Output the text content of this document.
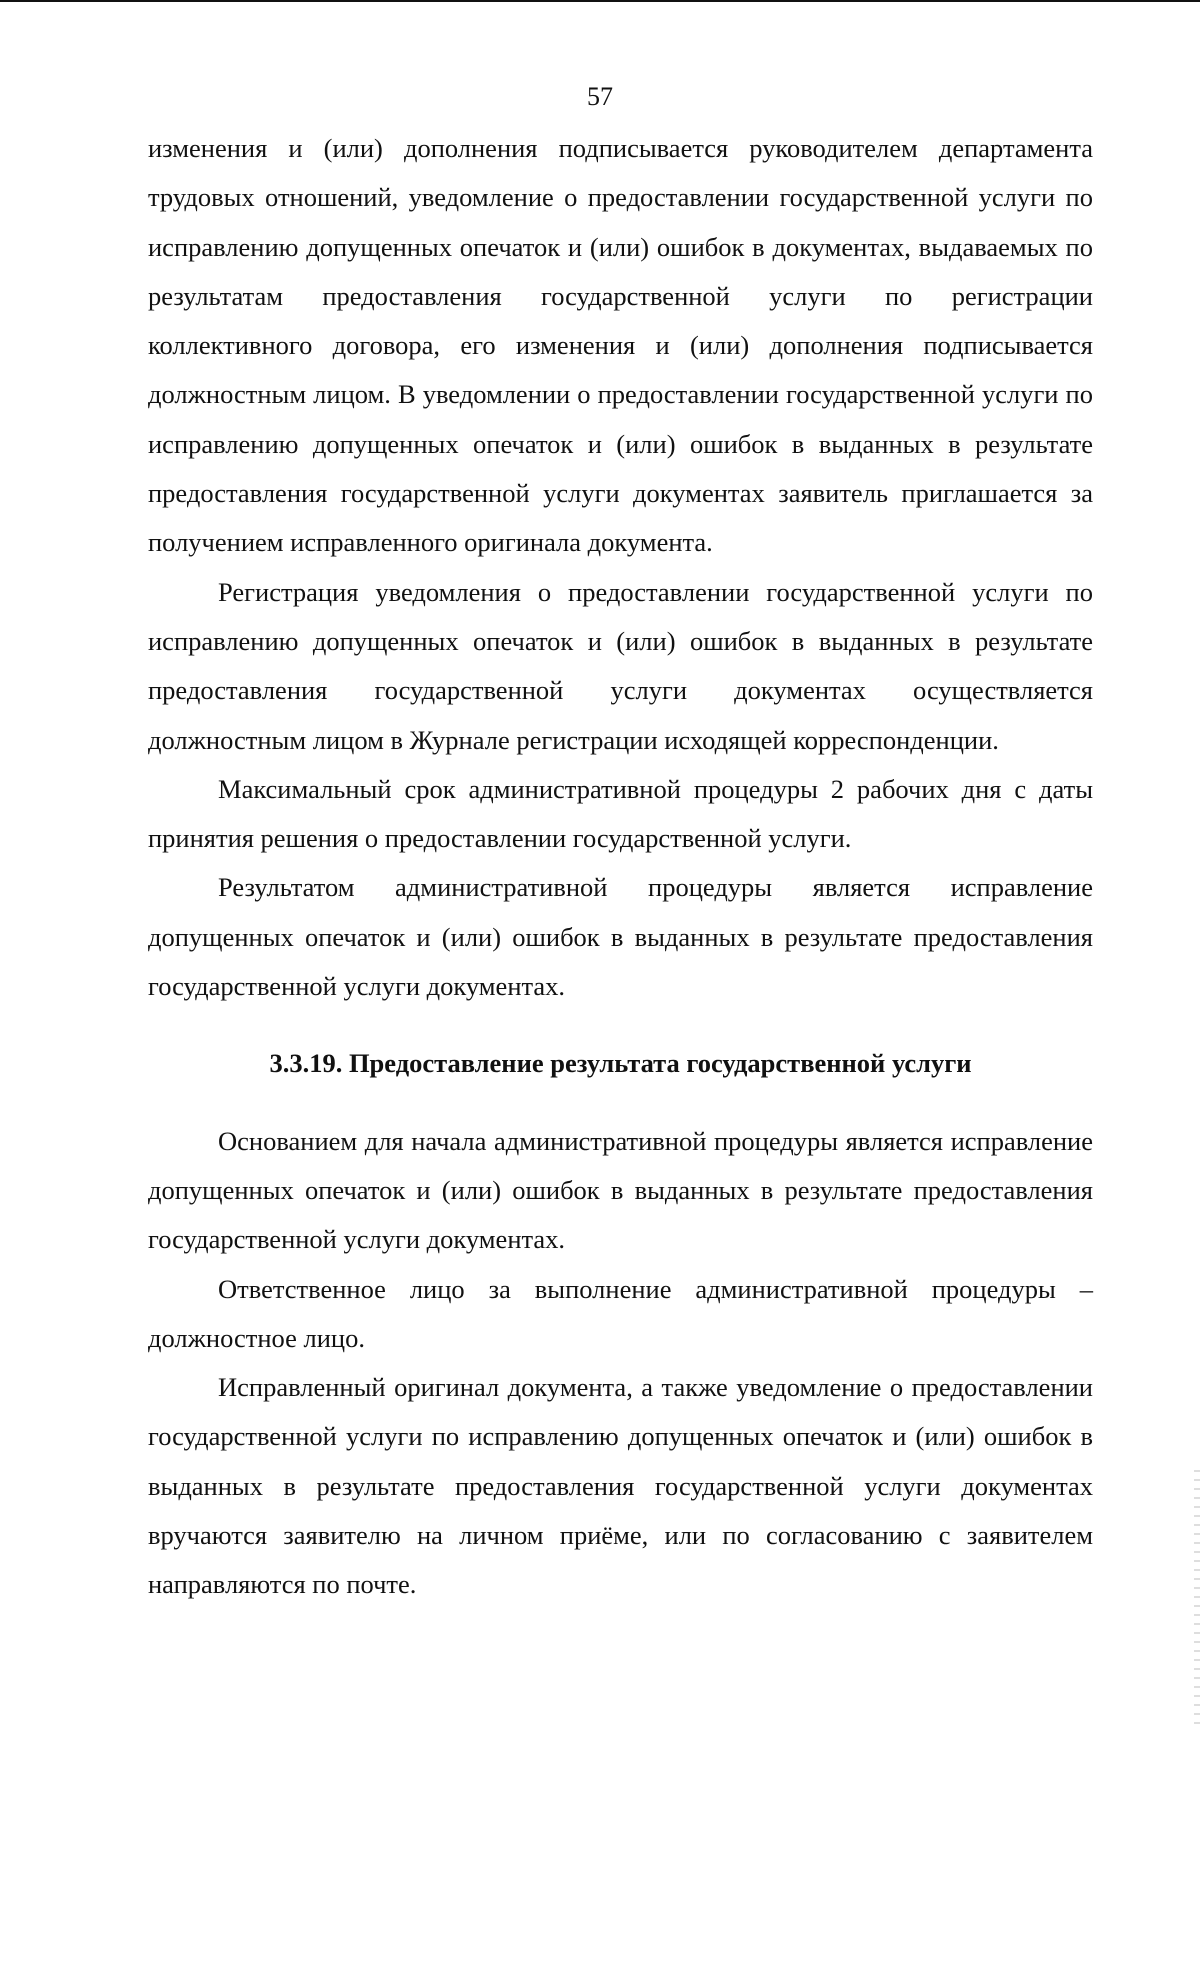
57

изменения и (или) дополнения подписывается руководителем департамента трудовых отношений, уведомление о предоставлении государственной услуги по исправлению допущенных опечаток и (или) ошибок в документах, выдаваемых по результатам предоставления государственной услуги по регистрации коллективного договора, его изменения и (или) дополнения подписывается должностным лицом. В уведомлении о предоставлении государственной услуги по исправлению допущенных опечаток и (или) ошибок в выданных в результате предоставления государственной услуги документах заявитель приглашается за получением исправленного оригинала документа.

Регистрация уведомления о предоставлении государственной услуги по исправлению допущенных опечаток и (или) ошибок в выданных в результате предоставления государственной услуги документах осуществляется должностным лицом в Журнале регистрации исходящей корреспонденции.

Максимальный срок административной процедуры 2 рабочих дня с даты принятия решения о предоставлении государственной услуги.

Результатом административной процедуры является исправление допущенных опечаток и (или) ошибок в выданных в результате предоставления государственной услуги документах.

3.3.19. Предоставление результата государственной услуги

Основанием для начала административной процедуры является исправление допущенных опечаток и (или) ошибок в выданных в результате предоставления государственной услуги документах.

Ответственное лицо за выполнение административной процедуры – должностное лицо.

Исправленный оригинал документа, а также уведомление о предоставлении государственной услуги по исправлению допущенных опечаток и (или) ошибок в выданных в результате предоставления государственной услуги документах вручаются заявителю на личном приёме, или по согласованию с заявителем направляются по почте.
